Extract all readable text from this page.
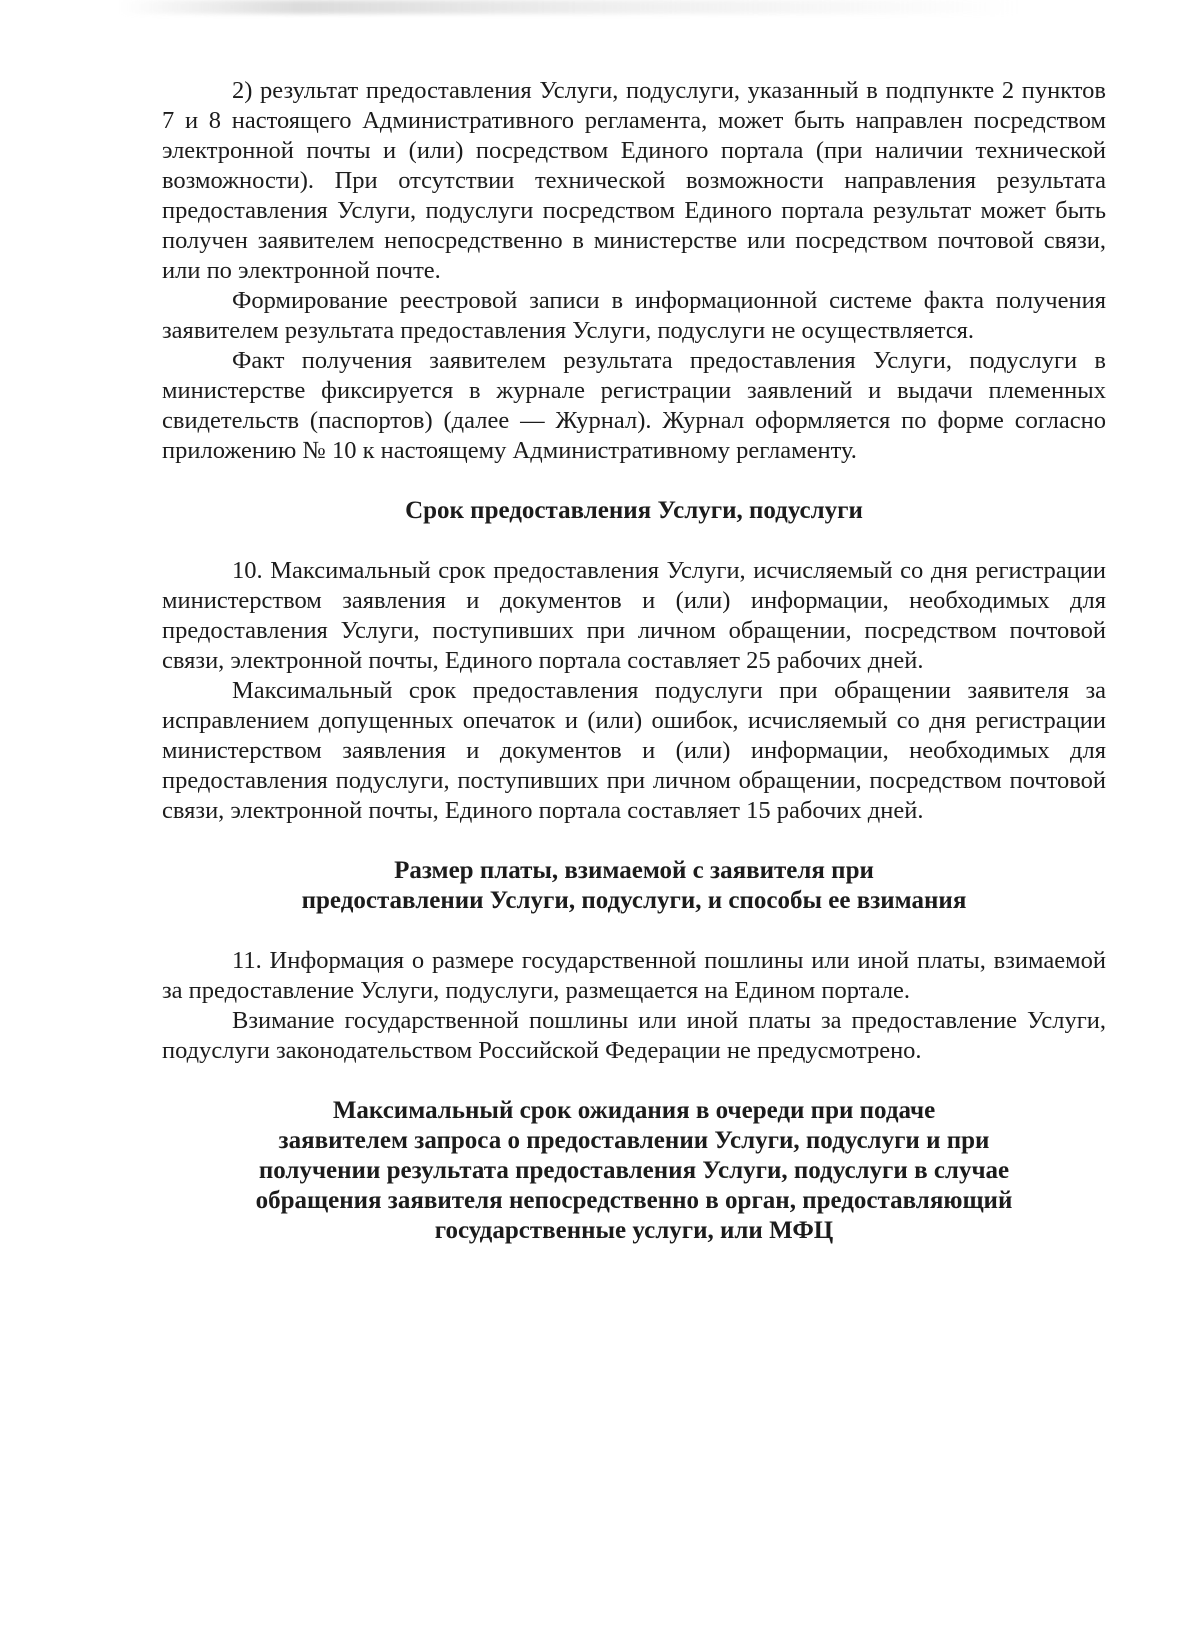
2) результат предоставления Услуги, подуслуги, указанный в подпункте 2 пунктов 7 и 8 настоящего Административного регламента, может быть направлен посредством электронной почты и (или) посредством Единого портала (при наличии технической возможности). При отсутствии технической возможности направления результата предоставления Услуги, подуслуги посредством Единого портала результат может быть получен заявителем непосредственно в министерстве или посредством почтовой связи, или по электронной почте.

Формирование реестровой записи в информационной системе факта получения заявителем результата предоставления Услуги, подуслуги не осуществляется.

Факт получения заявителем результата предоставления Услуги, подуслуги в министерстве фиксируется в журнале регистрации заявлений и выдачи племенных свидетельств (паспортов) (далее — Журнал). Журнал оформляется по форме согласно приложению № 10 к настоящему Административному регламенту.

Срок предоставления Услуги, подуслуги

10. Максимальный срок предоставления Услуги, исчисляемый со дня регистрации министерством заявления и документов и (или) информации, необходимых для предоставления Услуги, поступивших при личном обращении, посредством почтовой связи, электронной почты, Единого портала составляет 25 рабочих дней.

Максимальный срок предоставления подуслуги при обращении заявителя за исправлением допущенных опечаток и (или) ошибок, исчисляемый со дня регистрации министерством заявления и документов и (или) информации, необходимых для предоставления подуслуги, поступивших при личном обращении, посредством почтовой связи, электронной почты, Единого портала составляет 15 рабочих дней.

Размер платы, взимаемой с заявителя при
предоставлении Услуги, подуслуги, и способы ее взимания

11. Информация о размере государственной пошлины или иной платы, взимаемой за предоставление Услуги, подуслуги, размещается на Едином портале.

Взимание государственной пошлины или иной платы за предоставление Услуги, подуслуги законодательством Российской Федерации не предусмотрено.

Максимальный срок ожидания в очереди при подаче
заявителем запроса о предоставлении Услуги, подуслуги и при
получении результата предоставления Услуги, подуслуги в случае
обращения заявителя непосредственно в орган, предоставляющий
государственные услуги, или МФЦ
